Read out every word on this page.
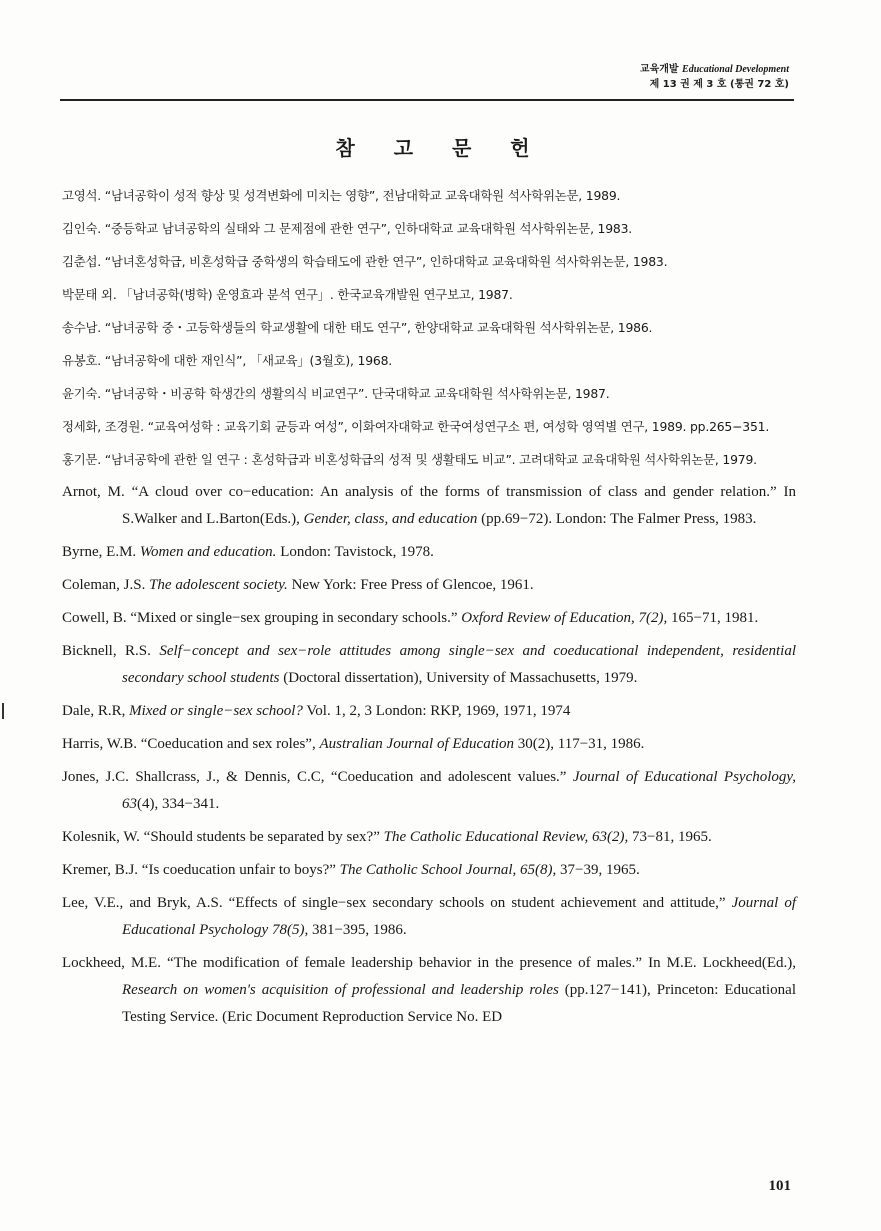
교육개발 Educational Development
제 13 권 제 3 호 (통권 72 호)
참 고 문 헌
고영석. “남녀공학이 성적 향상 및 성격변화에 미치는 영향”, 전남대학교 교육대학원 석사학위논문, 1989.
김인숙. “중등학교 남녀공학의 실태와 그 문제점에 관한 연구”, 인하대학교 교육대학원 석사학위논문, 1983.
김춘섭. “남녀혼성학급, 비혼성학급 중학생의 학습태도에 관한 연구”, 인하대학교 교육대학원 석사학위논문, 1983.
박문태 외. 「남녀공학(병학) 운영효과 분석 연구」. 한국교육개발원 연구보고, 1987.
송수남. “남녀공학 중・고등학생들의 학교생활에 대한 태도 연구”, 한양대학교 교육대학원 석사학위논문, 1986.
유봉호. “남녀공학에 대한 재인식”, 「새교육」(3월호), 1968.
윤기숙. “남녀공학・비공학 학생간의 생활의식 비교연구”. 단국대학교 교육대학원 석사학위논문, 1987.
정세화, 조경원. “교육여성학 : 교육기회 균등과 여성”, 이화여자대학교 한국여성연구소 편, 여성학 영역별 연구, 1989. pp.265−351.
홍기문. “남녀공학에 관한 일 연구 : 혼성학급과 비혼성학급의 성적 및 생활태도 비교”. 고려대학교 교육대학원 석사학위논문, 1979.
Arnot, M. “A cloud over co−education: An analysis of the forms of transmission of class and gender relation.” In S.Walker and L.Barton(Eds.), Gender, class, and education (pp.69−72). London: The Falmer Press, 1983.
Byrne, E.M. Women and education. London: Tavistock, 1978.
Coleman, J.S. The adolescent society. New York: Free Press of Glencoe, 1961.
Cowell, B. “Mixed or single−sex grouping in secondary schools.” Oxford Review of Education, 7(2), 165−71, 1981.
Bicknell, R.S. Self−concept and sex−role attitudes among single−sex and coeducational independent, residential secondary school students (Doctoral dissertation), University of Massachusetts, 1979.
Dale, R.R, Mixed or single−sex school? Vol. 1, 2, 3 London: RKP, 1969, 1971, 1974
Harris, W.B. “Coeducation and sex roles”, Australian Journal of Education 30(2), 117−31, 1986.
Jones, J.C. Shallcrass, J., & Dennis, C.C, “Coeducation and adolescent values.” Journal of Educational Psychology, 63(4), 334−341.
Kolesnik, W. “Should students be separated by sex?” The Catholic Educational Review, 63(2), 73−81, 1965.
Kremer, B.J. “Is coeducation unfair to boys?” The Catholic School Journal, 65(8), 37−39, 1965.
Lee, V.E., and Bryk, A.S. “Effects of single−sex secondary schools on student achievement and attitude,” Journal of Educational Psychology 78(5), 381−395, 1986.
Lockheed, M.E. “The modification of female leadership behavior in the presence of males.” In M.E. Lockheed(Ed.), Research on women's acquisition of professional and leadership roles (pp.127−141), Princeton: Educational Testing Service. (Eric Document Reproduction Service No. ED
101
